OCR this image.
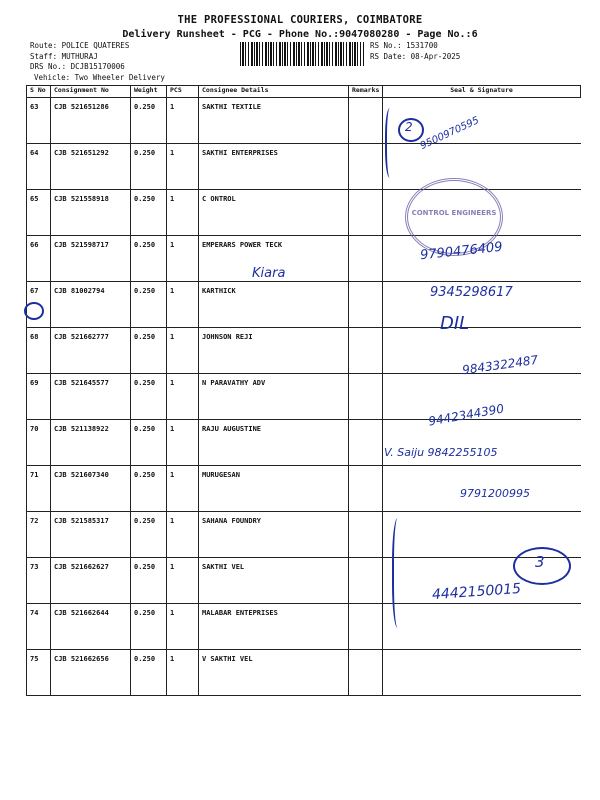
THE PROFESSIONAL COURIERS, COIMBATORE
Delivery Runsheet - PCG - Phone No.:9047080280 - Page No.:6
Route: POLICE QUATERES
Staff: MUTHURAJ
DRS No.: DCJB15170006
RS No.: 1531700
RS Date: 08-Apr-2025
Vehicle: Two Wheeler Delivery
S No	Consignment No	Weight	PCS	Consignee Details	Remarks	Seal & Signature
63	CJB 521651286	0.250	1	SAKTHI TEXTILE		
64	CJB 521651292	0.250	1	SAKTHI ENTERPRISES		
65	CJB 521558918	0.250	1	C ONTROL		
66	CJB 521598717	0.250	1	EMPERARS POWER TECK		
67	CJB 81002794	0.250	1	KARTHICK		
68	CJB 521662777	0.250	1	JOHNSON REJI		
69	CJB 521645577	0.250	1	N PARAVATHY ADV		
70	CJB 521138922	0.250	1	RAJU AUGUSTINE		
71	CJB 521607340	0.250	1	MURUGESAN		
72	CJB 521585317	0.250	1	SAHANA FOUNDRY		
73	CJB 521662627	0.250	1	SAKTHI VEL		
74	CJB 521662644	0.250	1	MALABAR ENTEPRISES		
75	CJB 521662656	0.250	1	V SAKTHI VEL		
2 9500970595
CONTROL ENGINEERS
9790476409
Kiara
9345298617
DIL
9843322487
9442344390
V. Saiju 9842255105
9791200995
3
4442150015
